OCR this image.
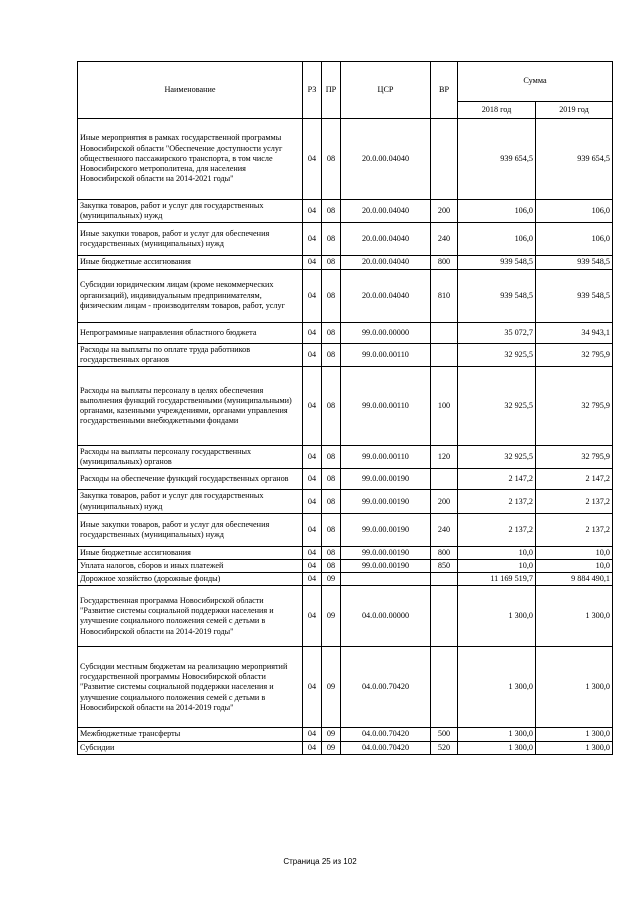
Наименование	РЗ	ПР	ЦСР	ВР	Сумма	
					2018 год	2019 год
Иные мероприятия в рамках государственной программы Новосибирской области "Обеспечение доступности услуг общественного пассажирского транспорта, в том числе Новосибирского метрополитена, для населения Новосибирской области на 2014-2021 годы"	04	08	20.0.00.04040		939 654,5	939 654,5
Закупка товаров, работ и услуг для государственных (муниципальных) нужд	04	08	20.0.00.04040	200	106,0	106,0
Иные закупки товаров, работ и услуг для обеспечения государственных (муниципальных) нужд	04	08	20.0.00.04040	240	106,0	106,0
Иные бюджетные ассигнования	04	08	20.0.00.04040	800	939 548,5	939 548,5
Субсидии юридическим лицам (кроме некоммерческих организаций), индивидуальным предпринимателям, физическим лицам - производителям товаров, работ, услуг	04	08	20.0.00.04040	810	939 548,5	939 548,5
Непрограммные направления областного бюджета	04	08	99.0.00.00000		35 072,7	34 943,1
Расходы на выплаты по оплате труда работников государственных органов	04	08	99.0.00.00110		32 925,5	32 795,9
Расходы на выплаты персоналу в целях обеспечения выполнения функций государственными (муниципальными) органами, казенными учреждениями, органами управления государственными внебюджетными фондами	04	08	99.0.00.00110	100	32 925,5	32 795,9
Расходы на выплаты персоналу государственных (муниципальных) органов	04	08	99.0.00.00110	120	32 925,5	32 795,9
Расходы на обеспечение функций государственных органов	04	08	99.0.00.00190		2 147,2	2 147,2
Закупка товаров, работ и услуг для государственных (муниципальных) нужд	04	08	99.0.00.00190	200	2 137,2	2 137,2
Иные закупки товаров, работ и услуг для обеспечения государственных (муниципальных) нужд	04	08	99.0.00.00190	240	2 137,2	2 137,2
Иные бюджетные ассигнования	04	08	99.0.00.00190	800	10,0	10,0
Уплата налогов, сборов и иных платежей	04	08	99.0.00.00190	850	10,0	10,0
Дорожное хозяйство (дорожные фонды)	04	09			11 169 519,7	9 884 490,1
Государственная программа Новосибирской области "Развитие системы социальной поддержки населения и улучшение социального положения семей с детьми в Новосибирской области на 2014-2019 годы"	04	09	04.0.00.00000		1 300,0	1 300,0
Субсидии местным бюджетам на реализацию мероприятий государственной программы Новосибирской области "Развитие системы социальной поддержки населения и улучшение социального положения семей с детьми в Новосибирской области на 2014-2019 годы"	04	09	04.0.00.70420		1 300,0	1 300,0
Межбюджетные трансферты	04	09	04.0.00.70420	500	1 300,0	1 300,0
Субсидии	04	09	04.0.00.70420	520	1 300,0	1 300,0
Страница 25 из 102
